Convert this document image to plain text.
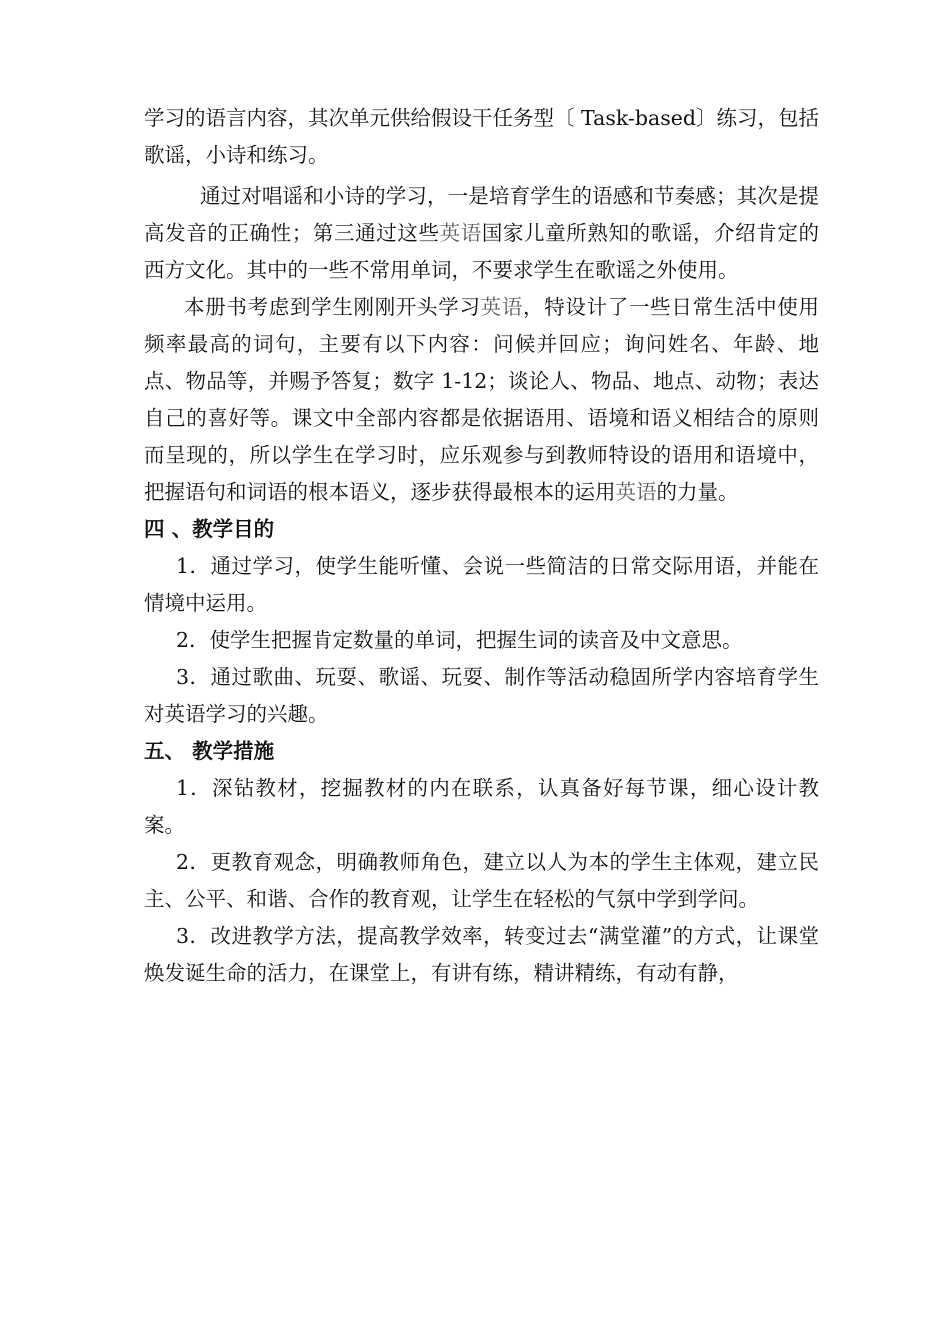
学习的语言内容，其次单元供给假设干任务型〔 Task-based〕练习，包括歌谣，小诗和练习。

通过对唱谣和小诗的学习，一是培育学生的语感和节奏感；其次是提高发音的正确性；第三通过这些英语国家儿童所熟知的歌谣，介绍肯定的西方文化。其中的一些不常用单词，不要求学生在歌谣之外使用。

本册书考虑到学生刚刚开头学习英语，特设计了一些日常生活中使用频率最高的词句，主要有以下内容：问候并回应；询问姓名、年龄、地点、物品等，并赐予答复；数字 1-12；谈论人、物品、地点、动物；表达自己的喜好等。课文中全部内容都是依据语用、语境和语义相结合的原则而呈现的，所以学生在学习时，应乐观参与到教师特设的语用和语境中，把握语句和词语的根本语义，逐步获得最根本的运用英语的力量。

四 、教学目的

1．通过学习，使学生能听懂、会说一些简洁的日常交际用语，并能在情境中运用。

2．使学生把握肯定数量的单词，把握生词的读音及中文意思。

3．通过歌曲、玩耍、歌谣、玩耍、制作等活动稳固所学内容培育学生对英语学习的兴趣。

五、 教学措施

1．深钻教材，挖掘教材的内在联系，认真备好每节课，细心设计教案。

2．更教育观念，明确教师角色，建立以人为本的学生主体观，建立民主、公平、和谐、合作的教育观，让学生在轻松的气氛中学到学问。

3．改进教学方法，提高教学效率，转变过去“满堂灌”的方式，让课堂焕发诞生命的活力，在课堂上，有讲有练，精讲精练，有动有静，
